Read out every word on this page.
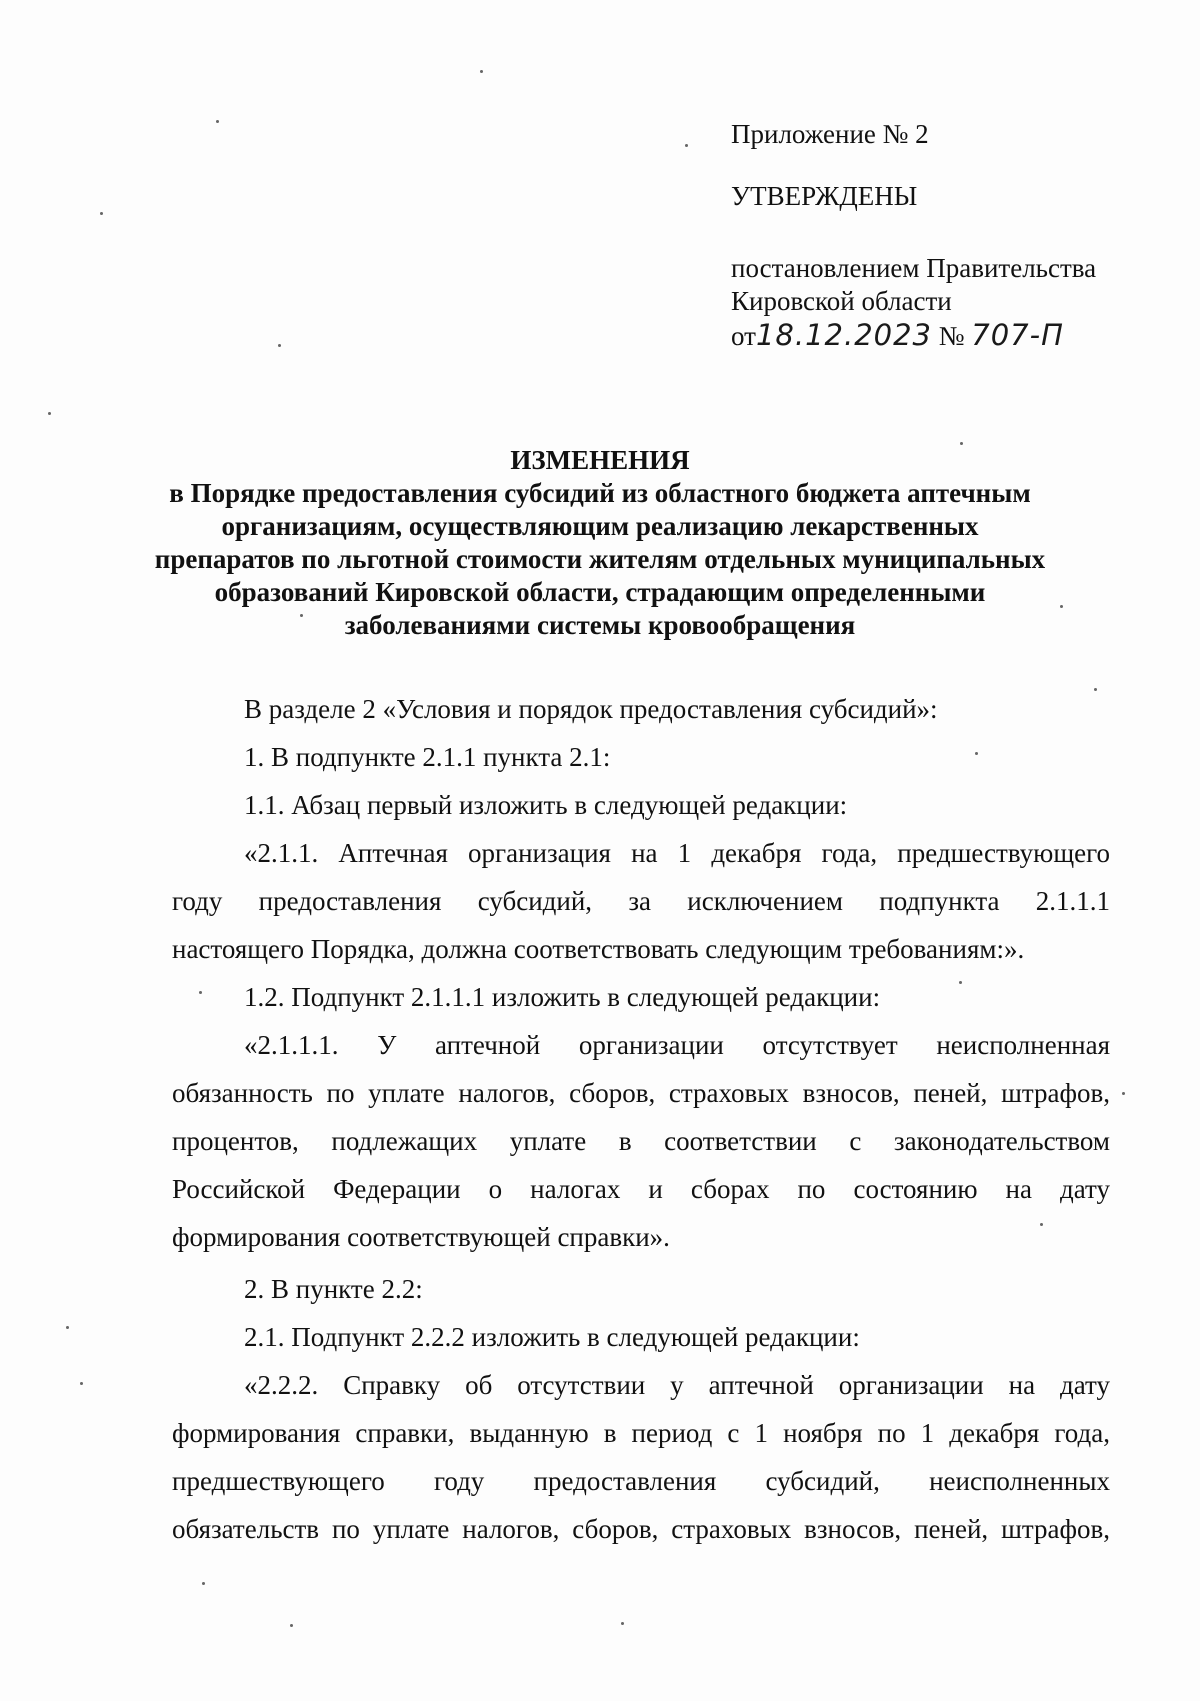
Приложение № 2
УТВЕРЖДЕНЫ
постановлением Правительства
Кировской области
от18.12.2023 № 707-П
ИЗМЕНЕНИЯ
в Порядке предоставления субсидий из областного бюджета аптечным
организациям, осуществляющим реализацию лекарственных
препаратов по льготной стоимости жителям отдельных муниципальных
образований Кировской области, страдающим определенными
заболеваниями системы кровообращения
В разделе 2 «Условия и порядок предоставления субсидий»:
1. В подпункте 2.1.1 пункта 2.1:
1.1. Абзац первый изложить в следующей редакции:
«2.1.1. Аптечная организация на 1 декабря года, предшествующего
году предоставления субсидий, за исключением подпункта 2.1.1.1
настоящего Порядка, должна соответствовать следующим требованиям:».
1.2. Подпункт 2.1.1.1 изложить в следующей редакции:
«2.1.1.1. У аптечной организации отсутствует неисполненная
обязанность по уплате налогов, сборов, страховых взносов, пеней, штрафов,
процентов, подлежащих уплате в соответствии с законодательством
Российской Федерации о налогах и сборах по состоянию на дату
формирования соответствующей справки».
2. В пункте 2.2:
2.1. Подпункт 2.2.2 изложить в следующей редакции:
«2.2.2. Справку об отсутствии у аптечной организации на дату
формирования справки, выданную в период с 1 ноября по 1 декабря года,
предшествующего году предоставления субсидий, неисполненных
обязательств по уплате налогов, сборов, страховых взносов, пеней, штрафов,
